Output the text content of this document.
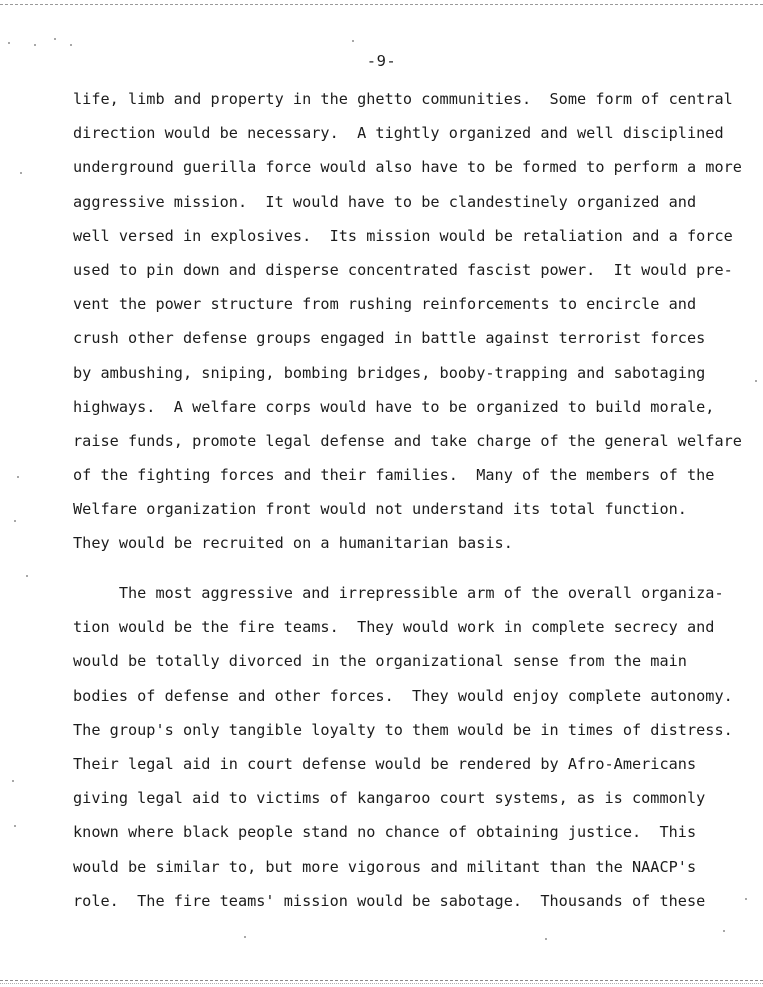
-9-
life, limb and property in the ghetto communities.  Some form of central
direction would be necessary.  A tightly organized and well disciplined
underground guerilla force would also have to be formed to perform a more
aggressive mission.  It would have to be clandestinely organized and
well versed in explosives.  Its mission would be retaliation and a force
used to pin down and disperse concentrated fascist power.  It would pre-
vent the power structure from rushing reinforcements to encircle and
crush other defense groups engaged in battle against terrorist forces
by ambushing, sniping, bombing bridges, booby-trapping and sabotaging
highways.  A welfare corps would have to be organized to build morale,
raise funds, promote legal defense and take charge of the general welfare
of the fighting forces and their families.  Many of the members of the
Welfare organization front would not understand its total function.
They would be recruited on a humanitarian basis.
The most aggressive and irrepressible arm of the overall organiza-
tion would be the fire teams.  They would work in complete secrecy and
would be totally divorced in the organizational sense from the main
bodies of defense and other forces.  They would enjoy complete autonomy.
The group's only tangible loyalty to them would be in times of distress.
Their legal aid in court defense would be rendered by Afro-Americans
giving legal aid to victims of kangaroo court systems, as is commonly
known where black people stand no chance of obtaining justice.  This
would be similar to, but more vigorous and militant than the NAACP's
role.  The fire teams' mission would be sabotage.  Thousands of these
